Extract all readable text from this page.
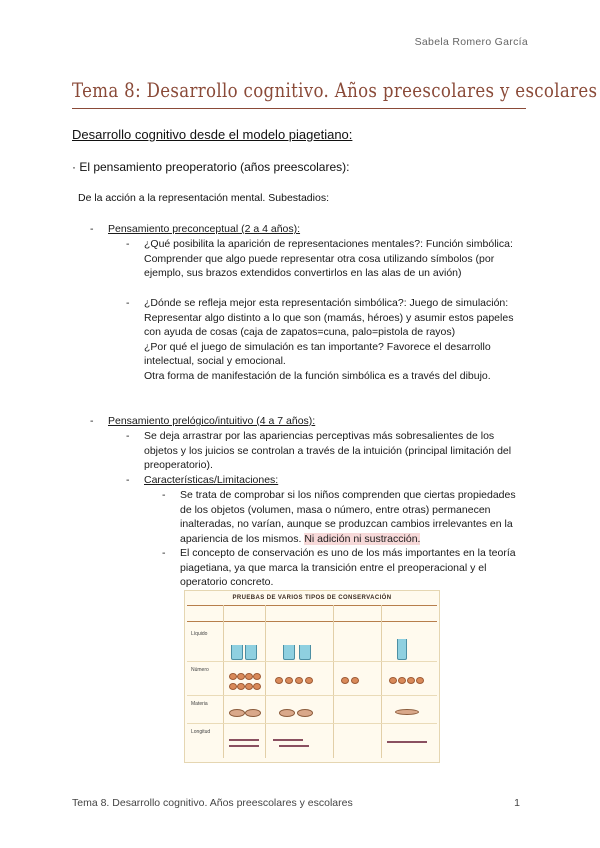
Sabela Romero García
Tema 8: Desarrollo cognitivo. Años preescolares y escolares
Desarrollo cognitivo desde el modelo piagetiano:
· El pensamiento preoperatorio (años preescolares):
De la acción a la representación mental. Subestadios:
- Pensamiento preconceptual (2 a 4 años):
- ¿Qué posibilita la aparición de representaciones mentales?: Función simbólica: Comprender que algo puede representar otra cosa utilizando símbolos (por ejemplo, sus brazos extendidos convertirlos en las alas de un avión)
- ¿Dónde se refleja mejor esta representación simbólica?: Juego de simulación: Representar algo distinto a lo que son (mamás, héroes) y asumir estos papeles con ayuda de cosas (caja de zapatos=cuna, palo=pistola de rayos)
¿Por qué el juego de simulación es tan importante? Favorece el desarrollo intelectual, social y emocional.
Otra forma de manifestación de la función simbólica es a través del dibujo.
- Pensamiento prelógico/intuitivo (4 a 7 años):
- Se deja arrastrar por las apariencias perceptivas más sobresalientes de los objetos y los juicios se controlan a través de la intuición (principal limitación del preoperatorio).
- Características/Limitaciones:
- Se trata de comprobar si los niños comprenden que ciertas propiedades de los objetos (volumen, masa o número, entre otras) permanecen inalteradas, no varían, aunque se produzcan cambios irrelevantes en la apariencia de los mismos. Ni adición ni sustracción.
- El concepto de conservación es uno de los más importantes en la teoría piagetiana, ya que marca la transición entre el preoperacional y el operatorio concreto.
PRUEBAS DE VARIOS TIPOS DE CONSERVACIÓN
Líquido
Número
Materia
Longitud
Tema 8. Desarrollo cognitivo. Años preescolares y escolares	1
